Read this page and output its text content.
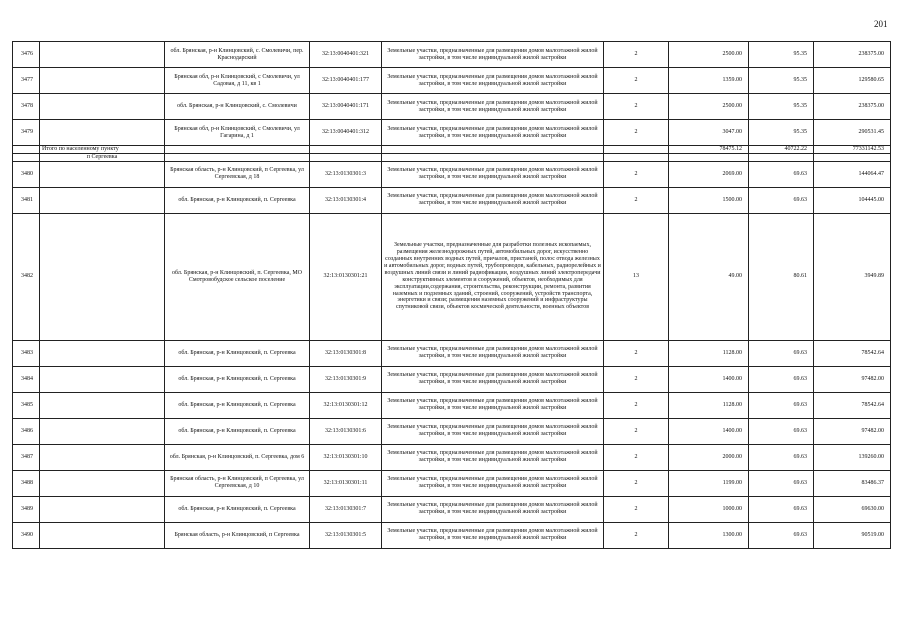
201
3476		обл. Брянская, р-н Клинцовский, с. Смолевичи, пер. Краснодарский	32:13:0040401:321	Земельные участки, предназначенные для размещения домов малоэтажной жилой застройки, в том числе индивидуальной жилой застройки	2	2500.00	95.35	238375.00
3477		Брянская обл, р-н Клинцовский, с Смолевичи, ул Садовая, д 11, кв 1	32:13:0040401:177	Земельные участки, предназначенные для размещения домов малоэтажной жилой застройки, в том числе индивидуальной жилой застройки	2	1359.00	95.35	129580.65
3478		обл. Брянская, р-н Клинцовский, с. Смолевичи	32:13:0040401:171	Земельные участки, предназначенные для размещения домов малоэтажной жилой застройки, в том числе индивидуальной жилой застройки	2	2500.00	95.35	238375.00
3479		Брянская обл, р-н Клинцовский, с Смолевичи, ул Гагарина, д 1	32:13:0040401:312	Земельные участки, предназначенные для размещения домов малоэтажной жилой застройки, в том числе индивидуальной жилой застройки	2	3047.00	95.35	290531.45
	Итого по населенному пункту					78475.12	40722.22	77331142.53
	п Сергеевка							
3480		Брянская область, р-н Клинцовский, п Сергеевка, ул Сергеевская, д 18	32:13:0130301:3	Земельные участки, предназначенные для размещения домов малоэтажной жилой застройки, в том числе индивидуальной жилой застройки	2	2069.00	69.63	144064.47
3481		обл. Брянская, р-н Клинцовский, п. Сергеевка	32:13:0130301:4	Земельные участки, предназначенные для размещения домов малоэтажной жилой застройки, в том числе индивидуальной жилой застройки	2	1500.00	69.63	104445.00
3482		обл. Брянская, р-н Клинцовский, п. Сергеевка, МО Смотровобудское сельское поселение	32:13:0130301:21	Земельные участки, предназначенные для разработки полезных ископаемых, размещения железнодорожных путей, автомобильных дорог, искусственно созданных внутренних водных путей, причалов, пристаней, полос отвода железных и автомобильных дорог, водных путей, трубопроводов, кабельных, радиорелейных и воздушных линий связи и линий радиофикации, воздушных линий электропередачи конструктивных элементов и сооружений, объектов, необходимых для эксплуатации,содержания, строительства, реконструкции, ремонта, развития наземных и подземных зданий, строений, сооружений, устройств транспорта, энергетики и связи; размещения наземных сооружений и инфраструктуры спутниковой связи, объектов космической деятельности, военных объектов	13	49.00	80.61	3949.89
3483		обл. Брянская, р-н Клинцовский, п. Сергеевка	32:13:0130301:8	Земельные участки, предназначенные для размещения домов малоэтажной жилой застройки, в том числе индивидуальной жилой застройки	2	1128.00	69.63	78542.64
3484		обл. Брянская, р-н Клинцовский, п. Сергеевка	32:13:0130301:9	Земельные участки, предназначенные для размещения домов малоэтажной жилой застройки, в том числе индивидуальной жилой застройки	2	1400.00	69.63	97482.00
3485		обл. Брянская, р-н Клинцовский, п. Сергеевка	32:13:0130301:12	Земельные участки, предназначенные для размещения домов малоэтажной жилой застройки, в том числе индивидуальной жилой застройки	2	1128.00	69.63	78542.64
3486		обл. Брянская, р-н Клинцовский, п. Сергеевка	32:13:0130301:6	Земельные участки, предназначенные для размещения домов малоэтажной жилой застройки, в том числе индивидуальной жилой застройки	2	1400.00	69.63	97482.00
3487		обл. Брянская, р-н Клинцовский, п. Сергеевка, дом 6	32:13:0130301:10	Земельные участки, предназначенные для размещения домов малоэтажной жилой застройки, в том числе индивидуальной жилой застройки	2	2000.00	69.63	139260.00
3488		Брянская область, р-н Клинцовский, п Сергеевка, ул Сергеевская, д 10	32:13:0130301:11	Земельные участки, предназначенные для размещения домов малоэтажной жилой застройки, в том числе индивидуальной жилой застройки	2	1199.00	69.63	83486.37
3489		обл. Брянская, р-н Клинцовский, п. Сергеевка	32:13:0130301:7	Земельные участки, предназначенные для размещения домов малоэтажной жилой застройки, в том числе индивидуальной жилой застройки	2	1000.00	69.63	69630.00
3490		Брянская область, р-н Клинцовский, п Сергеевка	32:13:0130301:5	Земельные участки, предназначенные для размещения домов малоэтажной жилой застройки, в том числе индивидуальной жилой застройки	2	1300.00	69.63	90519.00
